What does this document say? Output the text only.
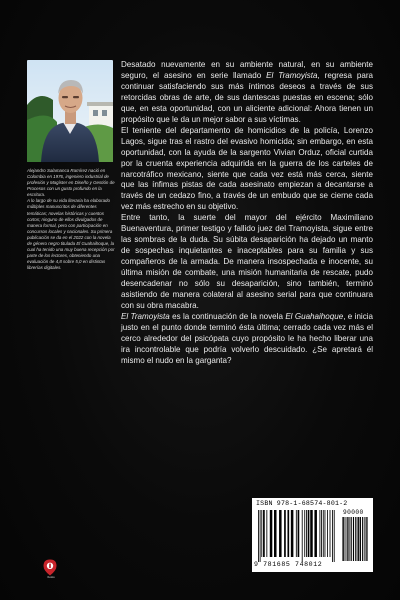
Alejandro Salamanca Ramírez nació en Colombia en 1976, ingeniero industrial de profesión y Magíster en Diseño y Gestión de Procesos con un gusto profundo en la escritura.

A lo largo de su vida literaria ha elaborado múltiples manuscritos de diferentes temáticas; novelas históricas y cuentos cortos; ninguno de ellos divulgados de manera formal, pero con participación en concursos locales y nacionales. Su primera publicación se da en el 2022 con la novela de género negro titulada El Guahaihoque, la cual ha tenido una muy buena recepción por parte de los lectores, obteniendo una evaluación de 4,8 sobre 5,0 en distintas librerías digitales.

Desatado nuevamente en su ambiente natural, en su ambiente seguro, el asesino en serie llamado El Tramoyista, regresa para continuar satisfaciendo sus más íntimos deseos a través de sus retorcidas obras de arte, de sus dantescas puestas en escena; sólo que, en esta oportunidad, con un aliciente adicional: Ahora tienen un propósito que le da un mejor sabor a sus víctimas.

El teniente del departamento de homicidios de la policía, Lorenzo Lagos, sigue tras el rastro del evasivo homicida; sin embargo, en esta oportunidad, con la ayuda de la sargento Vivian Orduz, oficial curtida por la cruenta experiencia adquirida en la guerra de los carteles de narcotráfico mexicano, siente que cada vez está más cerca, siente que las ínfimas pistas de cada asesinato empiezan a decantarse a través de un cedazo fino, a través de un embudo que se cierne cada vez más estrecho en su objetivo.

Entre tanto, la suerte del mayor del ejército Maximiliano Buenaventura, primer testigo y fallido juez del Tramoyista, sigue entre las sombras de la duda. Su súbita desaparición ha dejado un manto de sospechas inquietantes e inaceptables para su familia y sus compañeros de la armada. De manera insospechada e inocente, su última misión de combate, una misión humanitaria de rescate, pudo desencadenar no sólo su desaparición, sino también, terminó asistiendo de manera colateral al asesino serial para que continuara con su obra macabra.

El Tramoyista es la continuación de la novela El Guahaihoque, e inicia justo en el punto donde terminó ésta última; cerrado cada vez más el cerco alrededor del psicópata cuyo propósito le ha hecho liberar una ira incontrolable que podría volverlo descuidado. ¿Se apretará él mismo el nudo en la garganta?

ISBN 978-1-68574-801-2
90000
9 781685 748012
Ibukku
